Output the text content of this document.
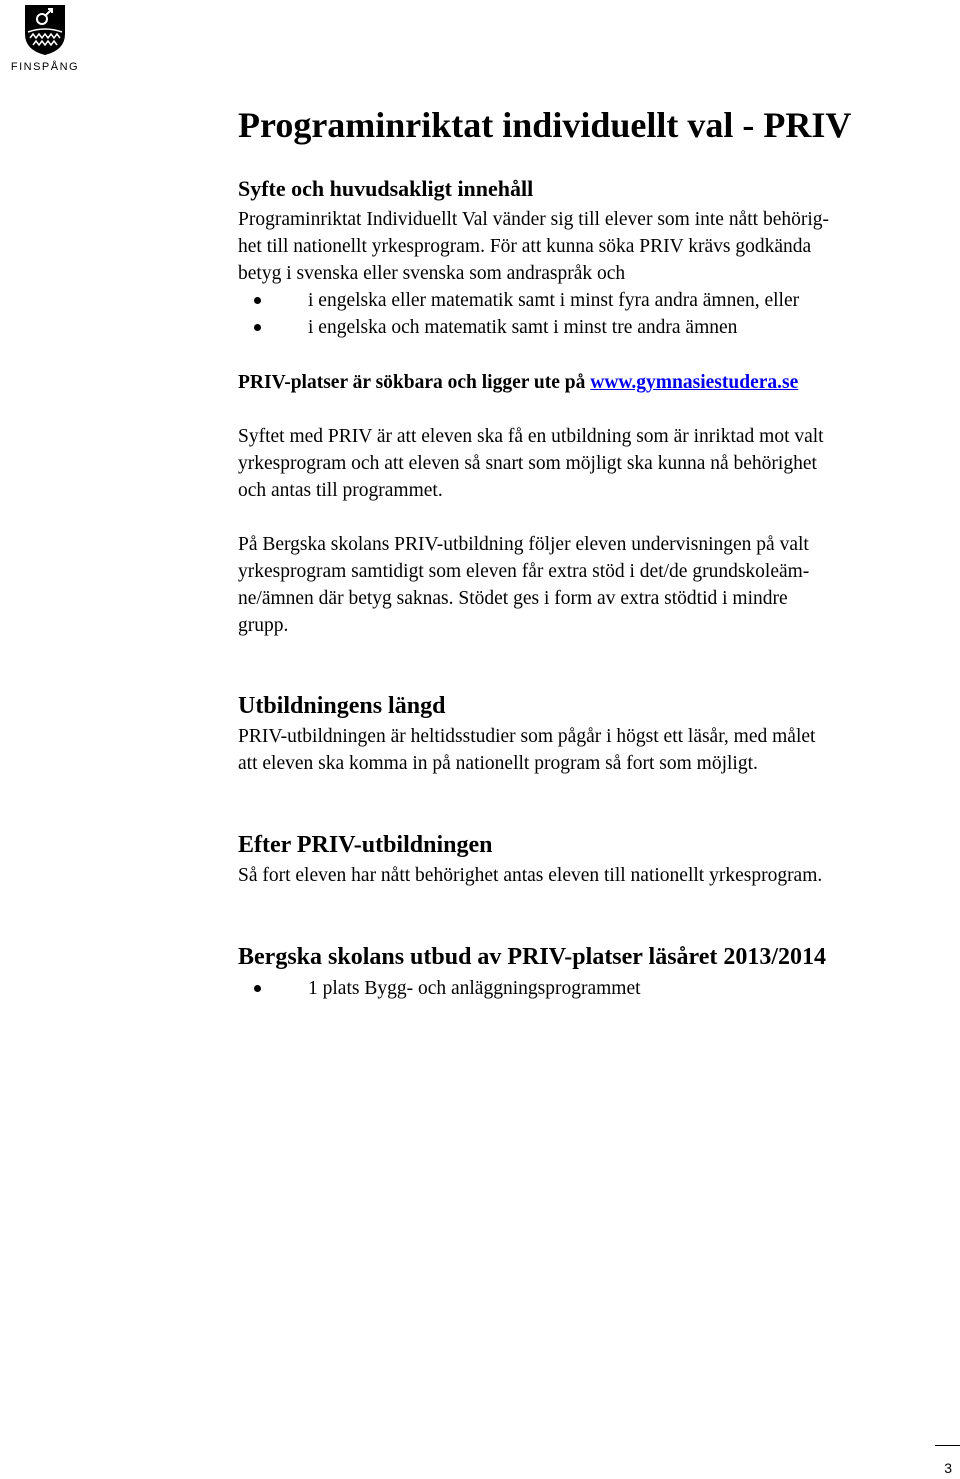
FINSPÅNG
Programinriktat individuellt val - PRIV
Syfte och huvudsakligt innehåll

Programinriktat Individuellt Val vänder sig till elever som inte nått behörig-
het till nationellt yrkesprogram. För att kunna söka PRIV krävs godkända
betyg i svenska eller svenska som andraspråk och

i engelska eller matematik samt i minst fyra andra ämnen, eller
i engelska och matematik samt i minst tre andra ämnen
PRIV-platser är sökbara och ligger ute på www.gymnasiestudera.se

Syftet med PRIV är att eleven ska få en utbildning som är inriktad mot valt
yrkesprogram och att eleven så snart som möjligt ska kunna nå behörighet
och antas till programmet.

På Bergska skolans PRIV-utbildning följer eleven undervisningen på valt
yrkesprogram samtidigt som eleven får extra stöd i det/de grundskoleäm-
ne/ämnen där betyg saknas. Stödet ges i form av extra stödtid i mindre
grupp.

Utbildningens längd

PRIV-utbildningen är heltidsstudier som pågår i högst ett läsår, med målet
att eleven ska komma in på nationellt program så fort som möjligt.

Efter PRIV-utbildningen

Så fort eleven har nått behörighet antas eleven till nationellt yrkesprogram.

Bergska skolans utbud av PRIV-platser läsåret 2013/2014
1 plats Bygg- och anläggningsprogrammet
3
